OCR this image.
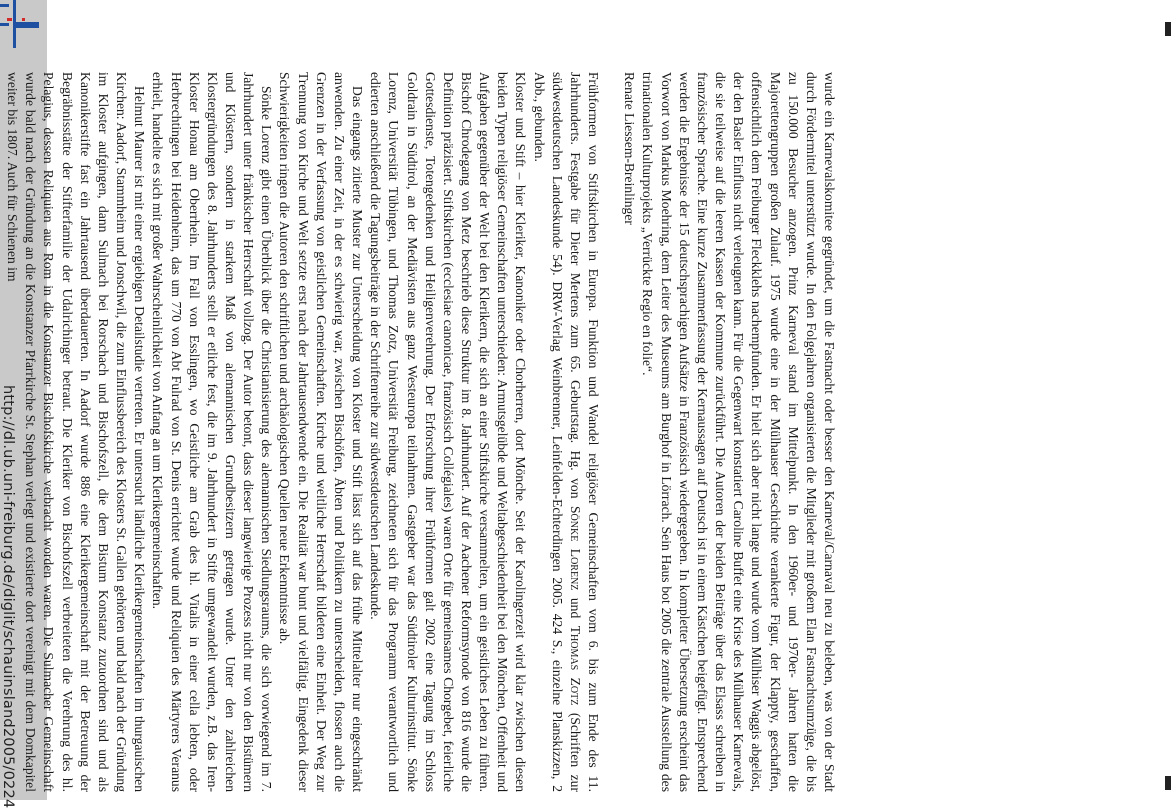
http://dl.ub.uni-freiburg.de/diglit/schauinsland2005/0224	wurde ein Karnevalskomitee gegründet, um die Fastnacht oder besser den Karneval/Carnaval neu zu beleben, was von der Stadt durch Fördermittel unterstützt wurde. In den Folgejahren organisierten die Mitglieder mit großem Elan Fastnachtsumzüge, die bis zu 150.000 Besucher anzogen. Prinz Karneval stand im Mittelpunkt. In den 1960er- und 1970er- Jahren hatten die Majorettengruppen großen Zulauf. 1975 wurde eine in der Mülhauser Geschichte verankerte Figur, der Klappty, geschaffen, offensichtlich dem Freiburger Fleckklehs nachempfunden. Er hielt sich aber nicht lange und wurde vom Mülhiser Waggis abgelöst, der den Basler Einfluss nicht verleugnen kann. Für die Gegenwart konstatiert Caroline Buffet eine Krise des Mülhauser Karnevals, die sie teilweise auf die leeren Kassen der Kommune zurückführt. Die Autoren der beiden Beiträge über das Elsass schreiben in französischer Sprache. Eine kurze Zusammenfassung der Kernaussagen auf Deutsch ist in einem Kästchen beigefügt. Entsprechend werden die Ergebnisse der 15 deutschsprachigen Aufsätze in Französisch wiedergegeben. In kompletter Übersetzung erscheint das Vorwort von Markus Moehring, dem Leiter des Museums am Burghof in Lörrach. Sein Haus bot 2005 die zentrale Ausstellung des trinationalen Kulturprojekts „Verrückte Regio en folie“.

Renate Liessem-Breinlinger

Frühformen von Stiftskirchen in Europa. Funktion und Wandel religiöser Gemeinschaften vom 6. bis zum Ende des 11. Jahrhunderts. Festgabe für Dieter Mertens zum 65. Geburtstag. Hg. von Sönke Lorenz und Thomas Zotz (Schriften zur südwestdeutschen Landeskunde 54). DRW-Verlag Weinbrenner, Leinfelden-Echterdingen 2005. 424 S., einzelne Planskizzen, 2 Abb., gebunden.

Kloster und Stift – hier Kleriker, Kanoniker oder Chorherren, dort Mönche. Seit der Karolingerzeit wird klar zwischen diesen beiden Typen religiöser Gemeinschaften unterschieden: Armutsgelübde und Weltabgeschiedenheit bei den Mönchen, Offenheit und Aufgaben gegenüber der Welt bei den Klerikern, die sich an einer Stiftskirche versammelten, um ein geistliches Leben zu führen. Bischof Chrodegang von Metz beschrieb diese Struktur im 8. Jahrhundert. Auf der Aachener Reformsynode von 816 wurde die Definition präzisiert. Stiftskirchen (ecclesiae canonicae, französisch Collégiales) waren Orte für gemeinsames Chorgebet, feierliche Gottesdienste, Totengedenken und Heiligenverehrung. Der Erforschung ihrer Frühformen galt 2002 eine Tagung im Schloss Goldrain in Südtirol, an der Mediävisten aus ganz Westeuropa teilnahmen. Gastgeber war das Südtiroler Kulturinstitut. Sönke Lorenz, Universität Tübingen, und Thomas Zotz, Universität Freiburg, zeichneten sich für das Programm verantwortlich und edierten anschließend die Tagungsbeiträge in der Schriftenreihe zur südwestdeutschen Landeskunde.

Das eingangs zitierte Muster zur Unterscheidung von Kloster und Stift lässt sich auf das frühe Mittelalter nur eingeschränkt anwenden. Zu einer Zeit, in der es schwierig war, zwischen Bischöfen, Äbten und Politikern zu unterscheiden, flossen auch die Grenzen in der Verfassung von geistlichen Gemeinschaften. Kirche und weltliche Herrschaft bildeten eine Einheit. Der Weg zur Trennung von Kirche und Welt setzte erst nach der Jahrtausendwende ein. Die Realität war bunt und vielfältig. Eingedenk dieser Schwierigkeiten ringen die Autoren den schriftlichen und archäologischen Quellen neue Erkenntnisse ab.

Sönke Lorenz gibt einen Überblick über die Christianisierung des alemannischen Siedlungsraums, die sich vorwiegend im 7. Jahrhundert unter fränkischer Herrschaft vollzog. Der Autor betont, dass dieser langwierige Prozess nicht nur von den Bistümern und Klöstern, sondern in starkem Maß von alemannischen Grundbesitzern getragen wurde. Unter den zahlreichen Klostergründungen des 8. Jahrhunderts stellt er etliche fest, die im 9. Jahrhundert in Stifte umgewandelt wurden, z.B. das Iren-Kloster Honau am Oberrhein. Im Fall von Esslingen, wo Geistliche am Grab des hl. Vitalis in einer cella lebten, oder Herbrechtingen bei Heidenheim, das um 770 von Abt Fulrad von St. Denis errichtet wurde und Reliquien des Märtyrers Veranus erhielt, handelte es sich mit großer Wahrscheinlichkeit von Anfang an um Klerikergemeinschaften.

Helmut Maurer ist mit einer ergiebigen Detailstudie vertreten. Er untersucht ländliche Klerikergemeinschaften im thurgauischen Kirchen: Aadorf, Stammheim und Jonschwil, die zum Einflussbereich des Klosters St. Gallen gehörten und bald nach der Gründung im Kloster aufgingen, dann Sulmach bei Rorschach und Bischofszell, die dem Bistum Konstanz zuzuordnen sind und als Kanonikerstifte fast ein Jahrtausend überdauerten. In Aadorf wurde 886 eine Klerikergemeinschaft mit der Betreuung der Begräbnisstätte der Stifterfamilie der Udalrichinger betraut. Die Kleriker von Bischofszell verbreiteten die Verehrung des hl. Pelagius, dessen Reliquien aus Rom in die Konstanzer Bischofskirche verbracht worden waren. Die Sulmacher Gemeinschaft wurde bald nach der Gründung an die Konstanzer Pfarrkirche St. Stephan verlegt und existierte dort vereinigt mit dem Domkapitel weiter bis 1807. Auch für Schienen im
